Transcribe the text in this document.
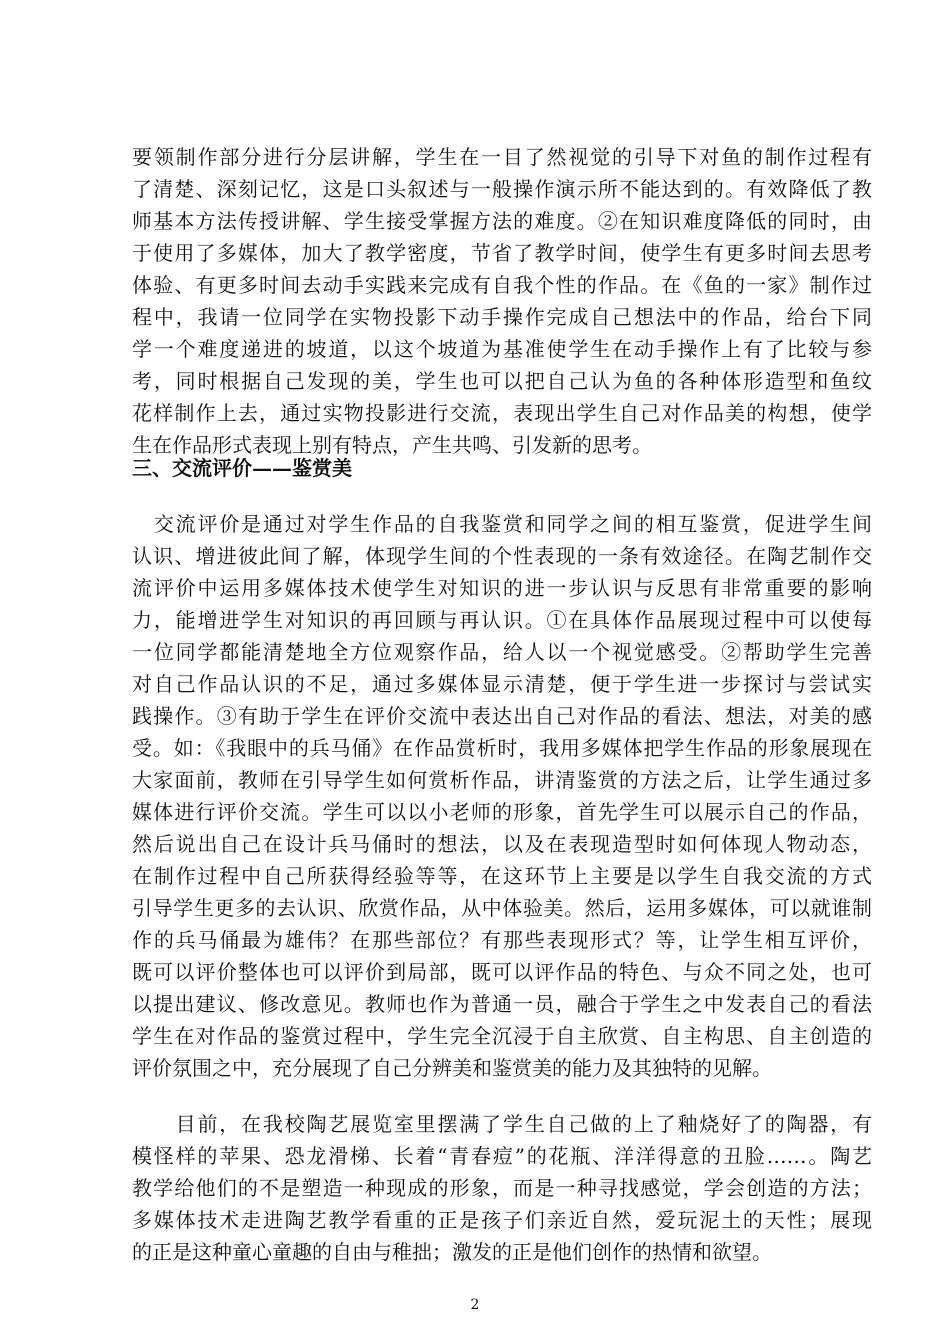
要领制作部分进行分层讲解，学生在一目了然视觉的引导下对鱼的制作过程有
了清楚、深刻记忆，这是口头叙述与一般操作演示所不能达到的。有效降低了教
师基本方法传授讲解、学生接受掌握方法的难度。②在知识难度降低的同时，由
于使用了多媒体，加大了教学密度，节省了教学时间，使学生有更多时间去思考
体验、有更多时间去动手实践来完成有自我个性的作品。在《鱼的一家》制作过
程中，我请一位同学在实物投影下动手操作完成自己想法中的作品，给台下同
学一个难度递进的坡道，以这个坡道为基准使学生在动手操作上有了比较与参
考，同时根据自己发现的美，学生也可以把自己认为鱼的各种体形造型和鱼纹
花样制作上去，通过实物投影进行交流，表现出学生自己对作品美的构想，使学
生在作品形式表现上别有特点，产生共鸣、引发新的思考。
三、交流评价——鉴赏美
　交流评价是通过对学生作品的自我鉴赏和同学之间的相互鉴赏，促进学生间
认识、增进彼此间了解，体现学生间的个性表现的一条有效途径。在陶艺制作交
流评价中运用多媒体技术使学生对知识的进一步认识与反思有非常重要的影响
力，能增进学生对知识的再回顾与再认识。①在具体作品展现过程中可以使每
一位同学都能清楚地全方位观察作品，给人以一个视觉感受。②帮助学生完善
对自己作品认识的不足，通过多媒体显示清楚，便于学生进一步探讨与尝试实
践操作。③有助于学生在评价交流中表达出自己对作品的看法、想法，对美的感
受。如：《我眼中的兵马俑》在作品赏析时，我用多媒体把学生作品的形象展现在
大家面前，教师在引导学生如何赏析作品，讲清鉴赏的方法之后，让学生通过多
媒体进行评价交流。学生可以以小老师的形象，首先学生可以展示自己的作品，
然后说出自己在设计兵马俑时的想法，以及在表现造型时如何体现人物动态，
在制作过程中自己所获得经验等等，在这环节上主要是以学生自我交流的方式
引导学生更多的去认识、欣赏作品，从中体验美。然后，运用多媒体，可以就谁制
作的兵马俑最为雄伟？在那些部位？有那些表现形式？等，让学生相互评价，
既可以评价整体也可以评价到局部，既可以评作品的特色、与众不同之处，也可
以提出建议、修改意见。教师也作为普通一员，融合于学生之中发表自己的看法
学生在对作品的鉴赏过程中，学生完全沉浸于自主欣赏、自主构思、自主创造的
评价氛围之中，充分展现了自己分辨美和鉴赏美的能力及其独特的见解。
　　目前，在我校陶艺展览室里摆满了学生自己做的上了釉烧好了的陶器，有
模怪样的苹果、恐龙滑梯、长着“青春痘”的花瓶、洋洋得意的丑脸……。陶艺
教学给他们的不是塑造一种现成的形象，而是一种寻找感觉，学会创造的方法；
多媒体技术走进陶艺教学看重的正是孩子们亲近自然，爱玩泥土的天性；展现
的正是这种童心童趣的自由与稚拙；激发的正是他们创作的热情和欲望。
2
